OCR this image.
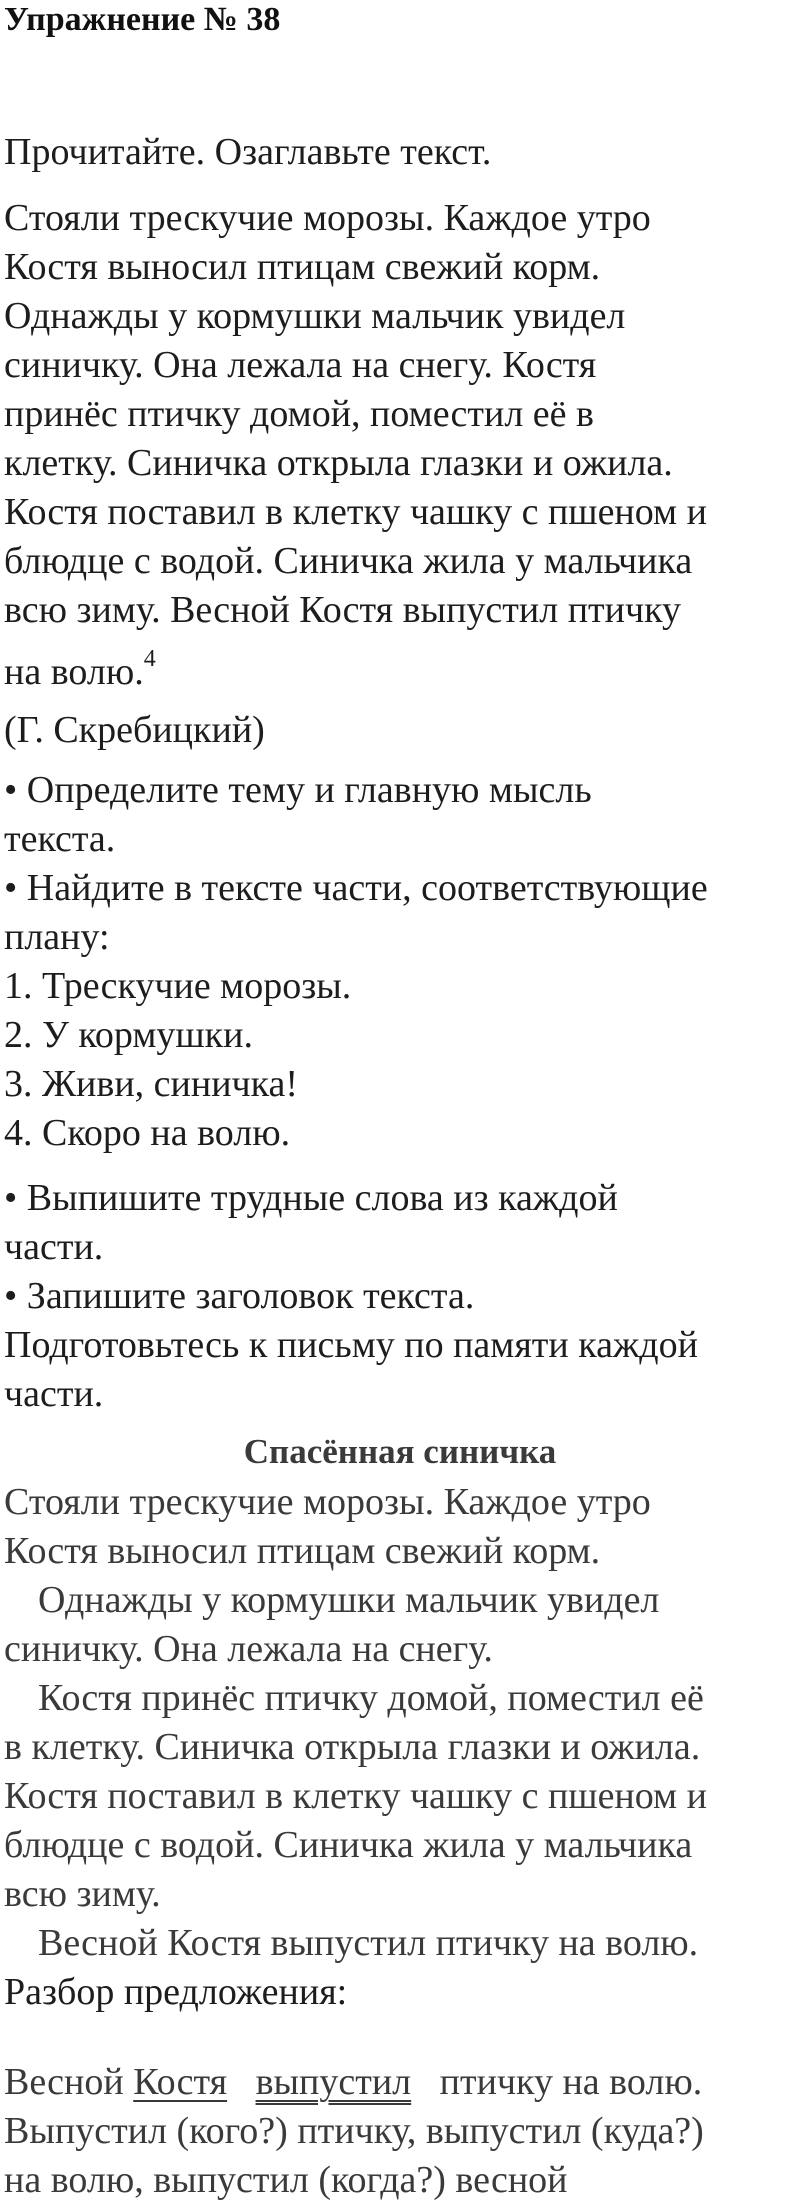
Упражнение № 38
Прочитайте. Озаглавьте текст.
Стояли трескучие морозы. Каждое утро
Костя выносил птицам свежий корм.
Однажды у кормушки мальчик увидел
синичку. Она лежала на снегу. Костя
принёс птичку домой, поместил её в
клетку. Синичка открыла глазки и ожила.
Костя поставил в клетку чашку с пшеном и
блюдце с водой. Синичка жила у мальчика
всю зиму. Весной Костя выпустил птичку
на волю.$^4$
(Г. Скребицкий)
• Определите тему и главную мысль
текста.
• Найдите в тексте части, соответствующие
плану:
1. Трескучие морозы.
2. У кормушки.
3. Живи, синичка!
4. Скоро на волю.
• Выпишите трудные слова из каждой
части.
• Запишите заголовок текста.
Подготовьтесь к письму по памяти каждой
части.
Спасённая синичка
Стояли трескучие морозы. Каждое утро
Костя выносил птицам свежий корм.
Однажды у кормушки мальчик увидел
синичку. Она лежала на снегу.
Костя принёс птичку домой, поместил её
в клетку. Синичка открыла глазки и ожила.
Костя поставил в клетку чашку с пшеном и
блюдце с водой. Синичка жила у мальчика
всю зиму.
Весной Костя выпустил птичку на волю.
Разбор предложения:
Весной Костя выпустил птичку на волю.
Выпустил (кого?) птичку, выпустил (куда?)
на волю, выпустил (когда?) весной
